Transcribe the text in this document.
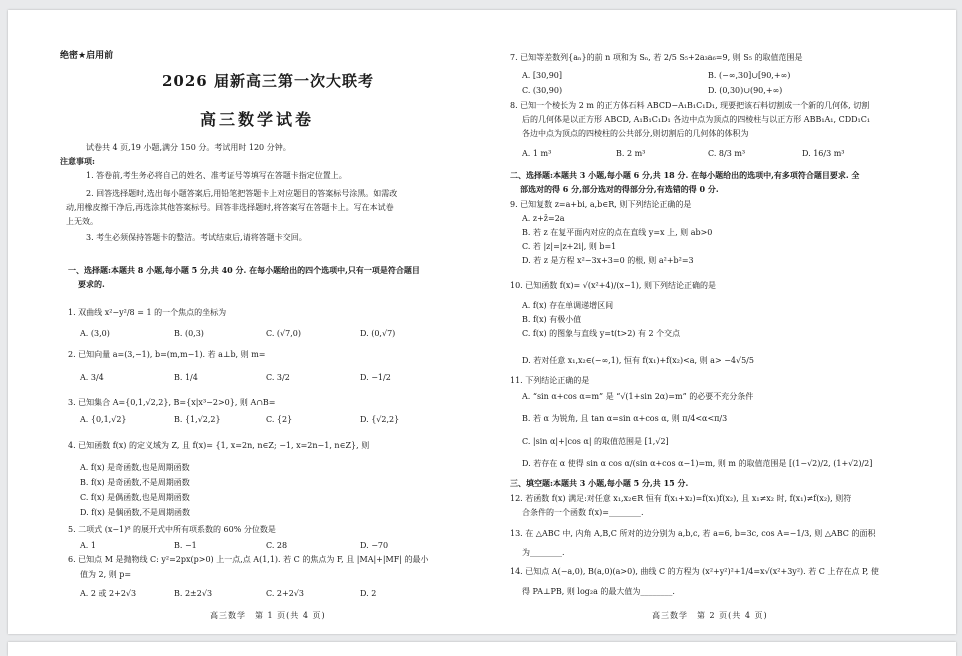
绝密★启用前
2026 届新高三第一次大联考
高三数学试卷
试卷共 4 页,19 小题,满分 150 分。考试用时 120 分钟。
注意事项:
1. 答卷前,考生务必将自己的姓名、准考证号等填写在答题卡指定位置上。
2. 回答选择题时,选出每小题答案后,用铅笔把答题卡上对应题目的答案标号涂黑。如需改
动,用橡皮擦干净后,再选涂其他答案标号。回答非选择题时,将答案写在答题卡上。写在本试卷
上无效。
3. 考生必须保持答题卡的整洁。考试结束后,请将答题卡交回。
一、选择题:本题共 8 小题,每小题 5 分,共 40 分. 在每小题给出的四个选项中,只有一项是符合题目
要求的.
1. 双曲线 x²−y²/8 = 1 的一个焦点的坐标为
A. (3,0)	B. (0,3)	C. (√7,0)	D. (0,√7)
2. 已知向量 a=(3,−1), b=(m,m−1). 若 a⊥b, 则 m=
A. 3/4	B. 1/4	C. 3/2	D. −1/2
3. 已知集合 A={0,1,√2,2}, B={x|x³−2>0}, 则 A∩B=
A. {0,1,√2}	B. {1,√2,2}	C. {2}	D. {√2,2}
4. 已知函数 f(x) 的定义域为 Z, 且 f(x)= {1, x=2n, n∈Z; −1, x=2n−1, n∈Z}, 则
A. f(x) 是奇函数,也是周期函数
B. f(x) 是奇函数,不是周期函数
C. f(x) 是偶函数,也是周期函数
D. f(x) 是偶函数,不是周期函数
5. 二项式 (x−1)⁸ 的展开式中所有项系数的 60% 分位数是
A. 1	B. −1	C. 28	D. −70
6. 已知点 M 是抛物线 C: y²=2px(p>0) 上一点,点 A(1,1). 若 C 的焦点为 F, 且 |MA|+|MF| 的最小
值为 2, 则 p=
A. 2 或 2+2√3	B. 2±2√3	C. 2+2√3	D. 2
高三数学　第 1 页(共 4 页)
7. 已知等差数列{aₙ}的前 n 项和为 Sₙ, 若 2/5 S₅+2a₃a₆=9, 则 S₅ 的取值范围是
A. [30,90]	B. (−∞,30]∪[90,+∞)
C. (30,90)	D. (0,30)∪(90,+∞)
8. 已知一个棱长为 2 m 的正方体石料 ABCD−A₁B₁C₁D₁, 现要把该石料切割成一个新的几何体, 切割
后的几何体是以正方形 ABCD, A₁B₁C₁D₁ 各边中点为顶点的四棱柱与以正方形 ABB₁A₁, CDD₁C₁
各边中点为顶点的四棱柱的公共部分,则切割后的几何体的体积为
A. 1 m³	B. 2 m³	C. 8/3 m³	D. 16/3 m³
二、选择题:本题共 3 小题,每小题 6 分,共 18 分. 在每小题给出的选项中,有多项符合题目要求. 全
部选对的得 6 分,部分选对的得部分分,有选错的得 0 分.
9. 已知复数 z=a+bi, a,b∈R, 则下列结论正确的是
A. z+z̄=2a
B. 若 z 在复平面内对应的点在直线 y=x 上, 则 ab>0
C. 若 |z|=|z+2i|, 则 b=1
D. 若 z 是方程 x²−3x+3=0 的根, 则 a²+b²=3
10. 已知函数 f(x)= √(x²+4)/(x−1), 则下列结论正确的是
A. f(x) 存在单调递增区间
B. f(x) 有极小值
C. f(x) 的图象与直线 y=t(t>2) 有 2 个交点
D. 若对任意 x₁,x₂∈(−∞,1), 恒有 f(x₁)+f(x₂)<a, 则 a> −4√5/5
11. 下列结论正确的是
A. “sin α+cos α=m” 是 “√(1+sin 2α)=m” 的必要不充分条件
B. 若 α 为锐角, 且 tan α=sin α+cos α, 则 π/4<α<π/3
C. |sin α|+|cos α| 的取值范围是 [1,√2]
D. 若存在 α 使得 sin α cos α/(sin α+cos α−1)=m, 则 m 的取值范围是 [(1−√2)/2, (1+√2)/2]
三、填空题:本题共 3 小题,每小题 5 分,共 15 分.
12. 若函数 f(x) 满足:对任意 x₁,x₂∈R 恒有 f(x₁+x₂)=f(x₁)f(x₂), 且 x₁≠x₂ 时, f(x₁)≠f(x₂), 则符
合条件的一个函数 f(x)=________.
13. 在 △ABC 中, 内角 A,B,C 所对的边分别为 a,b,c, 若 a=6, b=3c, cos A=−1/3, 则 △ABC 的面积
为________.
14. 已知点 A(−a,0), B(a,0)(a>0), 曲线 C 的方程为 (x²+y²)²+1/4=x√(x²+3y²). 若 C 上存在点 P, 使
得 PA⊥PB, 则 log₂a 的最大值为________.
高三数学　第 2 页(共 4 页)
